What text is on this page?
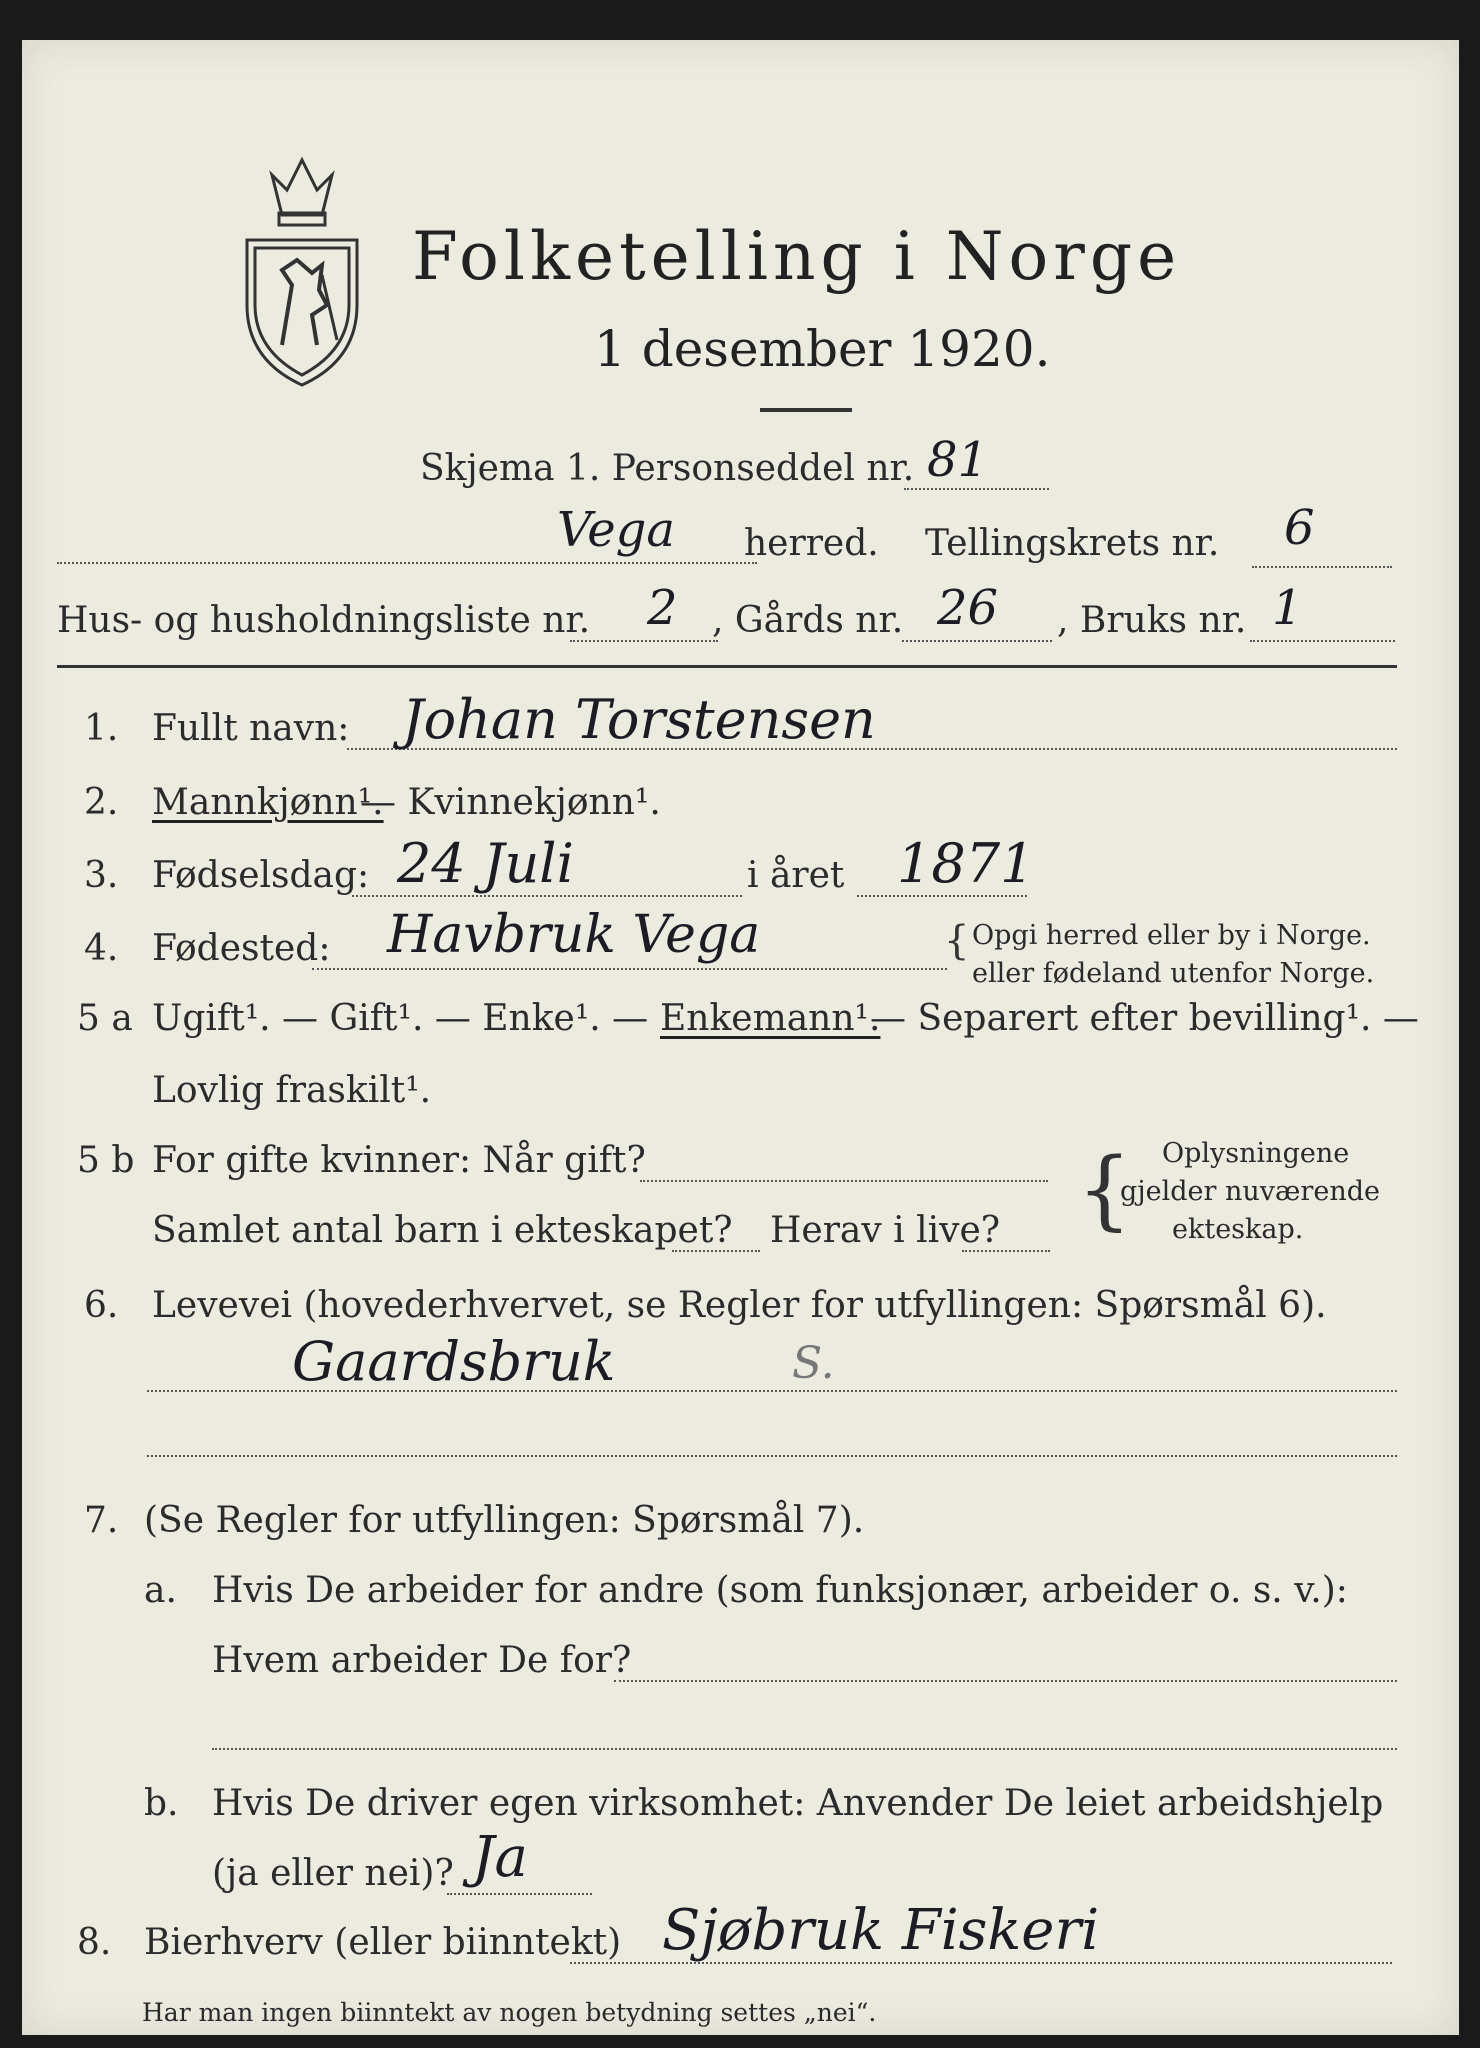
Folketelling i Norge
1 desember 1920.
Skjema 1. Personseddel nr. 81
Vega herred. Tellingskrets nr. 6
Hus- og husholdningsliste nr. 2 , Gårds nr. 26 , Bruks nr. 1
1. Fullt navn: Johan Torstensen
2. Mannkjønn¹.
— Kvinnekjønn¹.
3. Fødselsdag: 24 Juli	i året 1871
4. Fødested: Havbruk Vega	{ Opgi herred eller by i Norge.
eller fødeland utenfor Norge.
5 a Ugift¹. — Gift¹. — Enke¹. — Enkemann¹.
— Separert efter bevilling¹. —
Lovlig fraskilt¹.
5 b For gifte kvinner: Når gift?
Samlet antal barn i ekteskapet? Herav i live? { Oplysningene
gjelder nuværende
ekteskap.
6. Levevei (hovederhvervet, se Regler for utfyllingen: Spørsmål 6).
Gaardsbruk	S.
7. (Se Regler for utfyllingen: Spørsmål 7).
a. Hvis De arbeider for andre (som funksjonær, arbeider o. s. v.):
Hvem arbeider De for?
b. Hvis De driver egen virksomhet: Anvender De leiet arbeidshjelp
(ja eller nei)? Ja
8. Bierhverv (eller biinntekt) Sjøbruk Fiskeri
Har man ingen biinntekt av nogen betydning settes „nei“.
